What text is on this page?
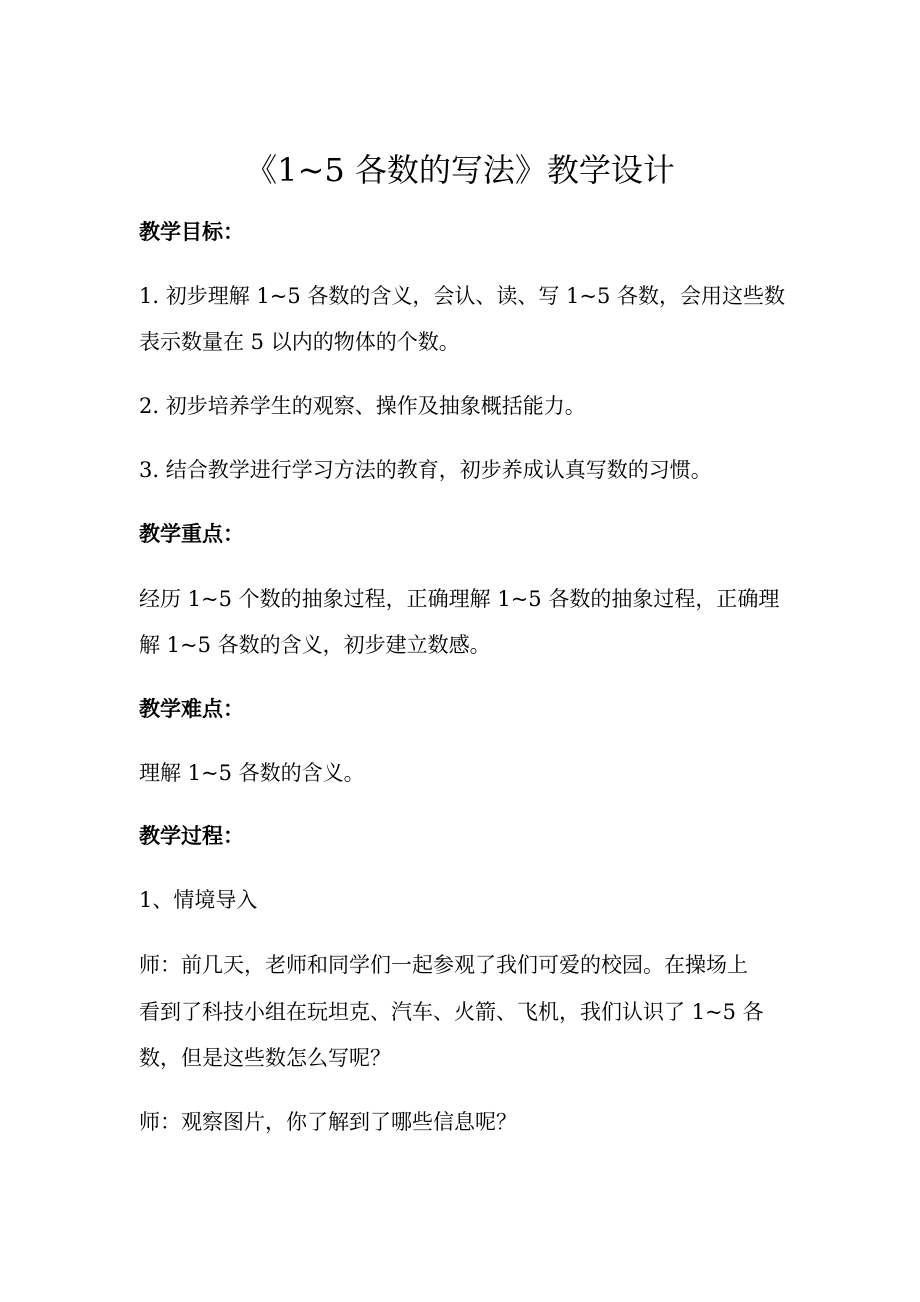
《1~5 各数的写法》教学设计
教学目标：
1. 初步理解 1~5 各数的含义，会认、读、写 1~5 各数，会用这些数
表示数量在 5 以内的物体的个数。
2. 初步培养学生的观察、操作及抽象概括能力。
3. 结合教学进行学习方法的教育，初步养成认真写数的习惯。
教学重点：
经历 1~5 个数的抽象过程，正确理解 1~5 各数的抽象过程，正确理
解 1~5 各数的含义，初步建立数感。
教学难点：
理解 1~5 各数的含义。
教学过程：
1、情境导入
师：前几天，老师和同学们一起参观了我们可爱的校园。在操场上
看到了科技小组在玩坦克、汽车、火箭、飞机，我们认识了 1~5 各
数，但是这些数怎么写呢？
师：观察图片，你了解到了哪些信息呢？
